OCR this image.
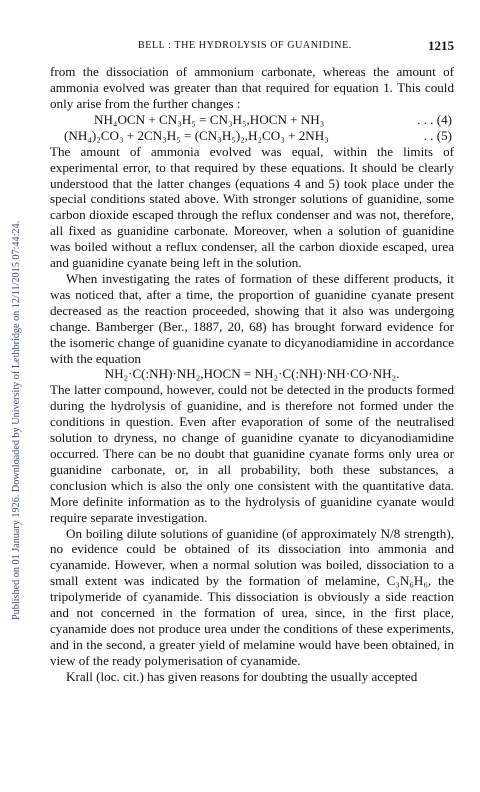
BELL : THE HYDROLYSIS OF GUANIDINE.	1215
Published on 01 January 1926. Downloaded by University of Lethbridge on 12/11/2015 07:44:24.

from the dissociation of ammonium carbonate, whereas the amount of ammonia evolved was greater than that required for equation 1. This could only arise from the further changes :

NH₄OCN + CN₃H₅ = CN₃H₅,HOCN + NH₃	. . . (4)
(NH₄)₂CO₃ + 2CN₃H₅ = (CN₃H₅)₂,H₂CO₃ + 2NH₃	. . (5)

The amount of ammonia evolved was equal, within the limits of experimental error, to that required by these equations. It should be clearly understood that the latter changes (equations 4 and 5) took place under the special conditions stated above. With stronger solutions of guanidine, some carbon dioxide escaped through the reflux condenser and was not, therefore, all fixed as guanidine carbonate. Moreover, when a solution of guanidine was boiled without a reflux condenser, all the carbon dioxide escaped, urea and guanidine cyanate being left in the solution.

When investigating the rates of formation of these different products, it was noticed that, after a time, the proportion of guanidine cyanate present decreased as the reaction proceeded, showing that it also was undergoing change. Bamberger (Ber., 1887, 20, 68) has brought forward evidence for the isomeric change of guanidine cyanate to dicyanodiamidine in accordance with the equation

NH₂·C(:NH)·NH₂,HOCN = NH₂·C(:NH)·NH·CO·NH₂.

The latter compound, however, could not be detected in the products formed during the hydrolysis of guanidine, and is therefore not formed under the conditions in question. Even after evaporation of some of the neutralised solution to dryness, no change of guanidine cyanate to dicyanodiamidine occurred. There can be no doubt that guanidine cyanate forms only urea or guanidine carbonate, or, in all probability, both these substances, a conclusion which is also the only one consistent with the quantitative data. More definite information as to the hydrolysis of guanidine cyanate would require separate investigation.

On boiling dilute solutions of guanidine (of approximately N/8 strength), no evidence could be obtained of its dissociation into ammonia and cyanamide. However, when a normal solution was boiled, dissociation to a small extent was indicated by the formation of melamine, C₃N₆H₆, the tripolymeride of cyanamide. This dissociation is obviously a side reaction and not concerned in the formation of urea, since, in the first place, cyanamide does not produce urea under the conditions of these experiments, and in the second, a greater yield of melamine would have been obtained, in view of the ready polymerisation of cyanamide.

Krall (loc. cit.) has given reasons for doubting the usually accepted
